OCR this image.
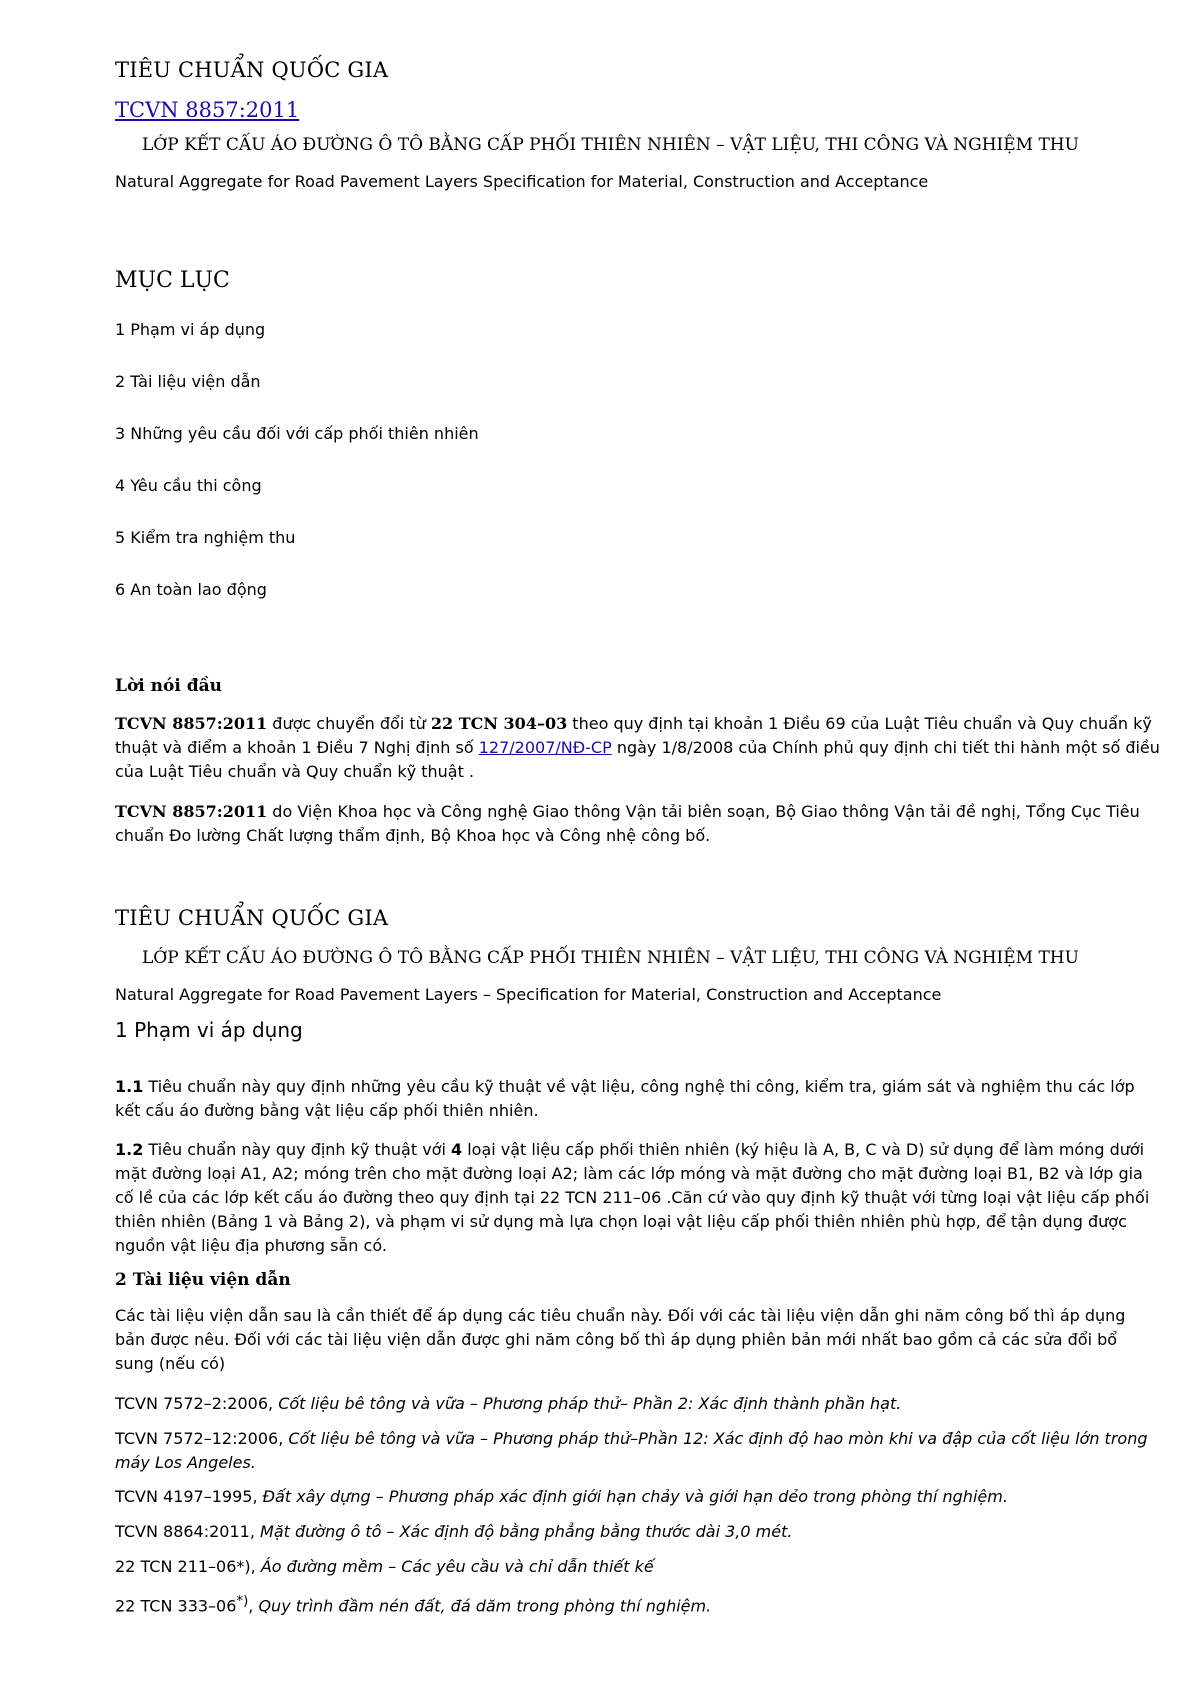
TIÊU CHUẨN QUỐC GIA
TCVN 8857:2011
LỚP KẾT CẤU ÁO ĐƯỜNG Ô TÔ BẰNG CẤP PHỐI THIÊN NHIÊN – VẬT LIỆU, THI CÔNG VÀ NGHIỆM THU
Natural Aggregate for Road Pavement Layers Specification for Material, Construction and Acceptance
MỤC LỤC
1 Phạm vi áp dụng
2 Tài liệu viện dẫn
3 Những yêu cầu đối với cấp phối thiên nhiên
4 Yêu cầu thi công
5 Kiểm tra nghiệm thu
6 An toàn lao động
Lời nói đầu

TCVN 8857:2011 được chuyển đổi từ 22 TCN 304–03 theo quy định tại khoản 1 Điều 69 của Luật Tiêu chuẩn và Quy chuẩn kỹ thuật và điểm a khoản 1 Điều 7 Nghị định số 127/2007/NĐ-CP ngày 1/8/2008 của Chính phủ quy định chi tiết thi hành một số điều của Luật Tiêu chuẩn và Quy chuẩn kỹ thuật .

TCVN 8857:2011 do Viện Khoa học và Công nghệ Giao thông Vận tải biên soạn, Bộ Giao thông Vận tải đề nghị, Tổng Cục Tiêu chuẩn Đo lường Chất lượng thẩm định, Bộ Khoa học và Công nhệ công bố.

TIÊU CHUẨN QUỐC GIA
LỚP KẾT CẤU ÁO ĐƯỜNG Ô TÔ BẰNG CẤP PHỐI THIÊN NHIÊN – VẬT LIỆU, THI CÔNG VÀ NGHIỆM THU
Natural Aggregate for Road Pavement Layers – Specification for Material, Construction and Acceptance
1 Phạm vi áp dụng

1.1 Tiêu chuẩn này quy định những yêu cầu kỹ thuật về vật liệu, công nghệ thi công, kiểm tra, giám sát và nghiệm thu các lớp kết cấu áo đường bằng vật liệu cấp phối thiên nhiên.

1.2 Tiêu chuẩn này quy định kỹ thuật với 4 loại vật liệu cấp phối thiên nhiên (ký hiệu là A, B, C và D) sử dụng để làm móng dưới mặt đường loại A1, A2; móng trên cho mặt đường loại A2; làm các lớp móng và mặt đường cho mặt đường loại B1, B2 và lớp gia cố lề của các lớp kết cấu áo đường theo quy định tại 22 TCN 211–06 .Căn cứ vào quy định kỹ thuật với từng loại vật liệu cấp phối thiên nhiên (Bảng 1 và Bảng 2), và phạm vi sử dụng mà lựa chọn loại vật liệu cấp phối thiên nhiên phù hợp, để tận dụng được nguồn vật liệu địa phương sẵn có.

2 Tài liệu viện dẫn

Các tài liệu viện dẫn sau là cần thiết để áp dụng các tiêu chuẩn này. Đối với các tài liệu viện dẫn ghi năm công bố thì áp dụng bản được nêu. Đối với các tài liệu viện dẫn được ghi năm công bố thì áp dụng phiên bản mới nhất bao gồm cả các sửa đổi bổ sung (nếu có)

TCVN 7572–2:2006, Cốt liệu bê tông và vữa – Phương pháp thử– Phần 2: Xác định thành phần hạt.

TCVN 7572–12:2006, Cốt liệu bê tông và vữa – Phương pháp thử–Phần 12: Xác định độ hao mòn khi va đập của cốt liệu lớn trong máy Los Angeles.

TCVN 4197–1995, Đất xây dựng – Phương pháp xác định giới hạn chảy và giới hạn dẻo trong phòng thí nghiệm.

TCVN 8864:2011, Mặt đường ô tô – Xác định độ bằng phẳng bằng thước dài 3,0 mét.

22 TCN 211–06*), Áo đường mềm – Các yêu cầu và chỉ dẫn thiết kế

22 TCN 333–06*), Quy trình đầm nén đất, đá dăm trong phòng thí nghiệm.
